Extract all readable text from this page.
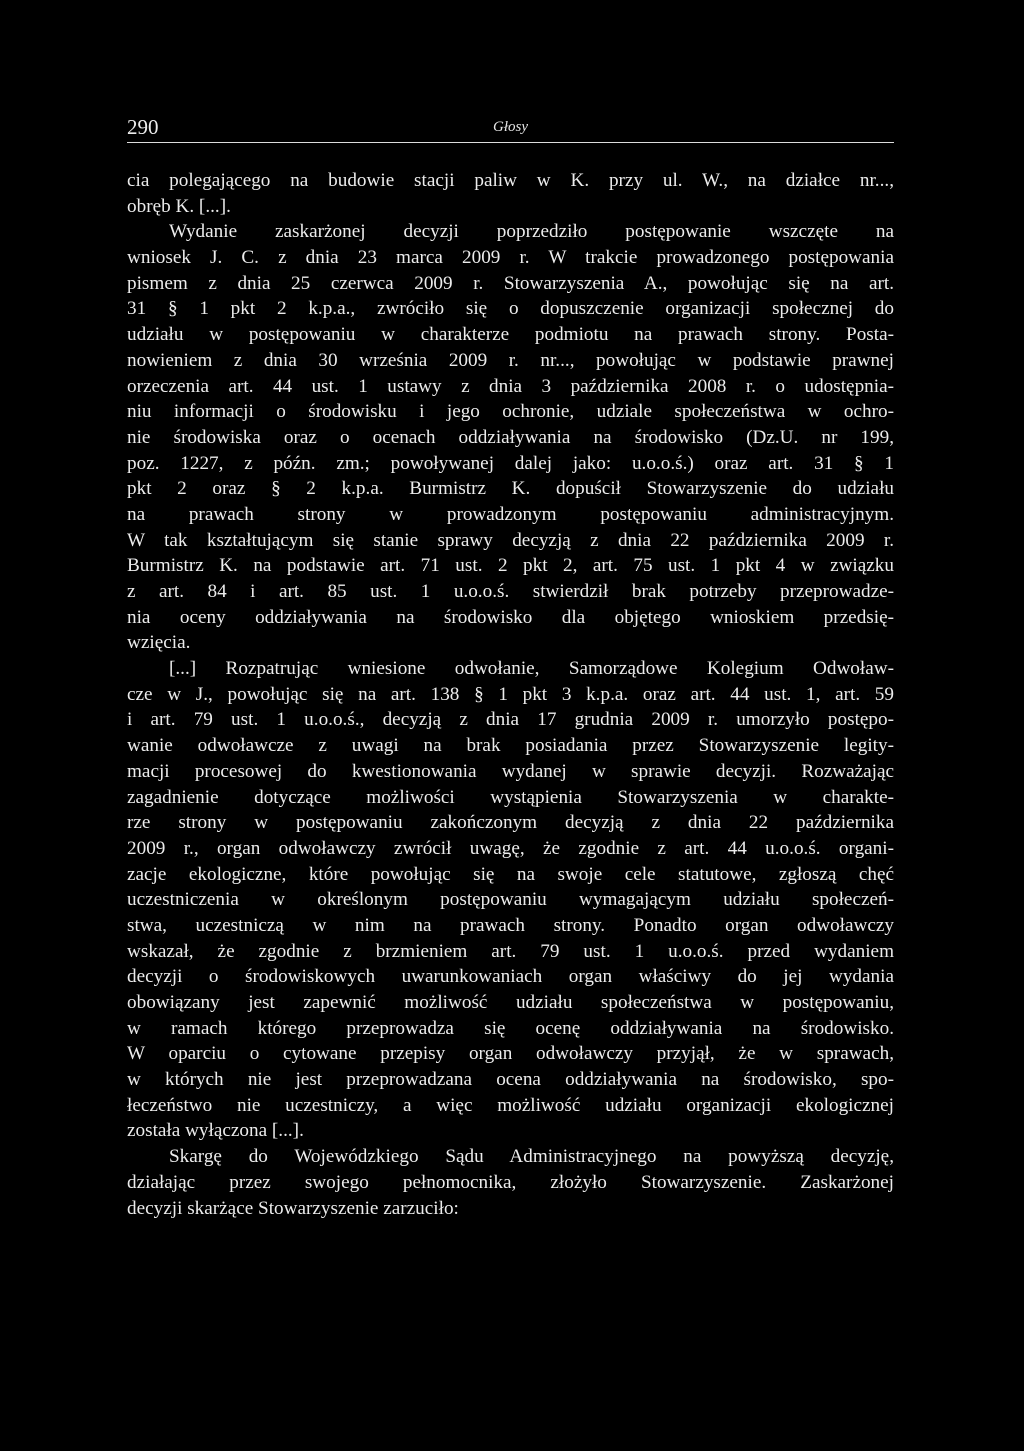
290	Głosy
cia polegającego na budowie stacji paliw w K. przy ul. W., na działce nr...,
obręb K. [...].
Wydanie zaskarżonej decyzji poprzedziło postępowanie wszczęte na
wniosek J. C. z dnia 23 marca 2009 r. W trakcie prowadzonego postępowania
pismem z dnia 25 czerwca 2009 r. Stowarzyszenia A., powołując się na art.
31 § 1 pkt 2 k.p.a., zwróciło się o dopuszczenie organizacji społecznej do
udziału w postępowaniu w charakterze podmiotu na prawach strony. Posta-
nowieniem z dnia 30 września 2009 r. nr..., powołując w podstawie prawnej
orzeczenia art. 44 ust. 1 ustawy z dnia 3 października 2008 r. o udostępnia-
niu informacji o środowisku i jego ochronie, udziale społeczeństwa w ochro-
nie środowiska oraz o ocenach oddziaływania na środowisko (Dz.U. nr 199,
poz. 1227, z późn. zm.; powoływanej dalej jako: u.o.o.ś.) oraz art. 31 § 1
pkt 2 oraz § 2 k.p.a. Burmistrz K. dopuścił Stowarzyszenie do udziału
na prawach strony w prowadzonym postępowaniu administracyjnym.
W tak kształtującym się stanie sprawy decyzją z dnia 22 października 2009 r.
Burmistrz K. na podstawie art. 71 ust. 2 pkt 2, art. 75 ust. 1 pkt 4 w związku
z art. 84 i art. 85 ust. 1 u.o.o.ś. stwierdził brak potrzeby przeprowadze-
nia oceny oddziaływania na środowisko dla objętego wnioskiem przedsię-
wzięcia.
[...] Rozpatrując wniesione odwołanie, Samorządowe Kolegium Odwoław-
cze w J., powołując się na art. 138 § 1 pkt 3 k.p.a. oraz art. 44 ust. 1, art. 59
i art. 79 ust. 1 u.o.o.ś., decyzją z dnia 17 grudnia 2009 r. umorzyło postępo-
wanie odwoławcze z uwagi na brak posiadania przez Stowarzyszenie legity-
macji procesowej do kwestionowania wydanej w sprawie decyzji. Rozważając
zagadnienie dotyczące możliwości wystąpienia Stowarzyszenia w charakte-
rze strony w postępowaniu zakończonym decyzją z dnia 22 października
2009 r., organ odwoławczy zwrócił uwagę, że zgodnie z art. 44 u.o.o.ś. organi-
zacje ekologiczne, które powołując się na swoje cele statutowe, zgłoszą chęć
uczestniczenia w określonym postępowaniu wymagającym udziału społeczeń-
stwa, uczestniczą w nim na prawach strony. Ponadto organ odwoławczy
wskazał, że zgodnie z brzmieniem art. 79 ust. 1 u.o.o.ś. przed wydaniem
decyzji o środowiskowych uwarunkowaniach organ właściwy do jej wydania
obowiązany jest zapewnić możliwość udziału społeczeństwa w postępowaniu,
w ramach którego przeprowadza się ocenę oddziaływania na środowisko.
W oparciu o cytowane przepisy organ odwoławczy przyjął, że w sprawach,
w których nie jest przeprowadzana ocena oddziaływania na środowisko, spo-
łeczeństwo nie uczestniczy, a więc możliwość udziału organizacji ekologicznej
została wyłączona [...].
Skargę do Wojewódzkiego Sądu Administracyjnego na powyższą decyzję,
działając przez swojego pełnomocnika, złożyło Stowarzyszenie. Zaskarżonej
decyzji skarżące Stowarzyszenie zarzuciło:
